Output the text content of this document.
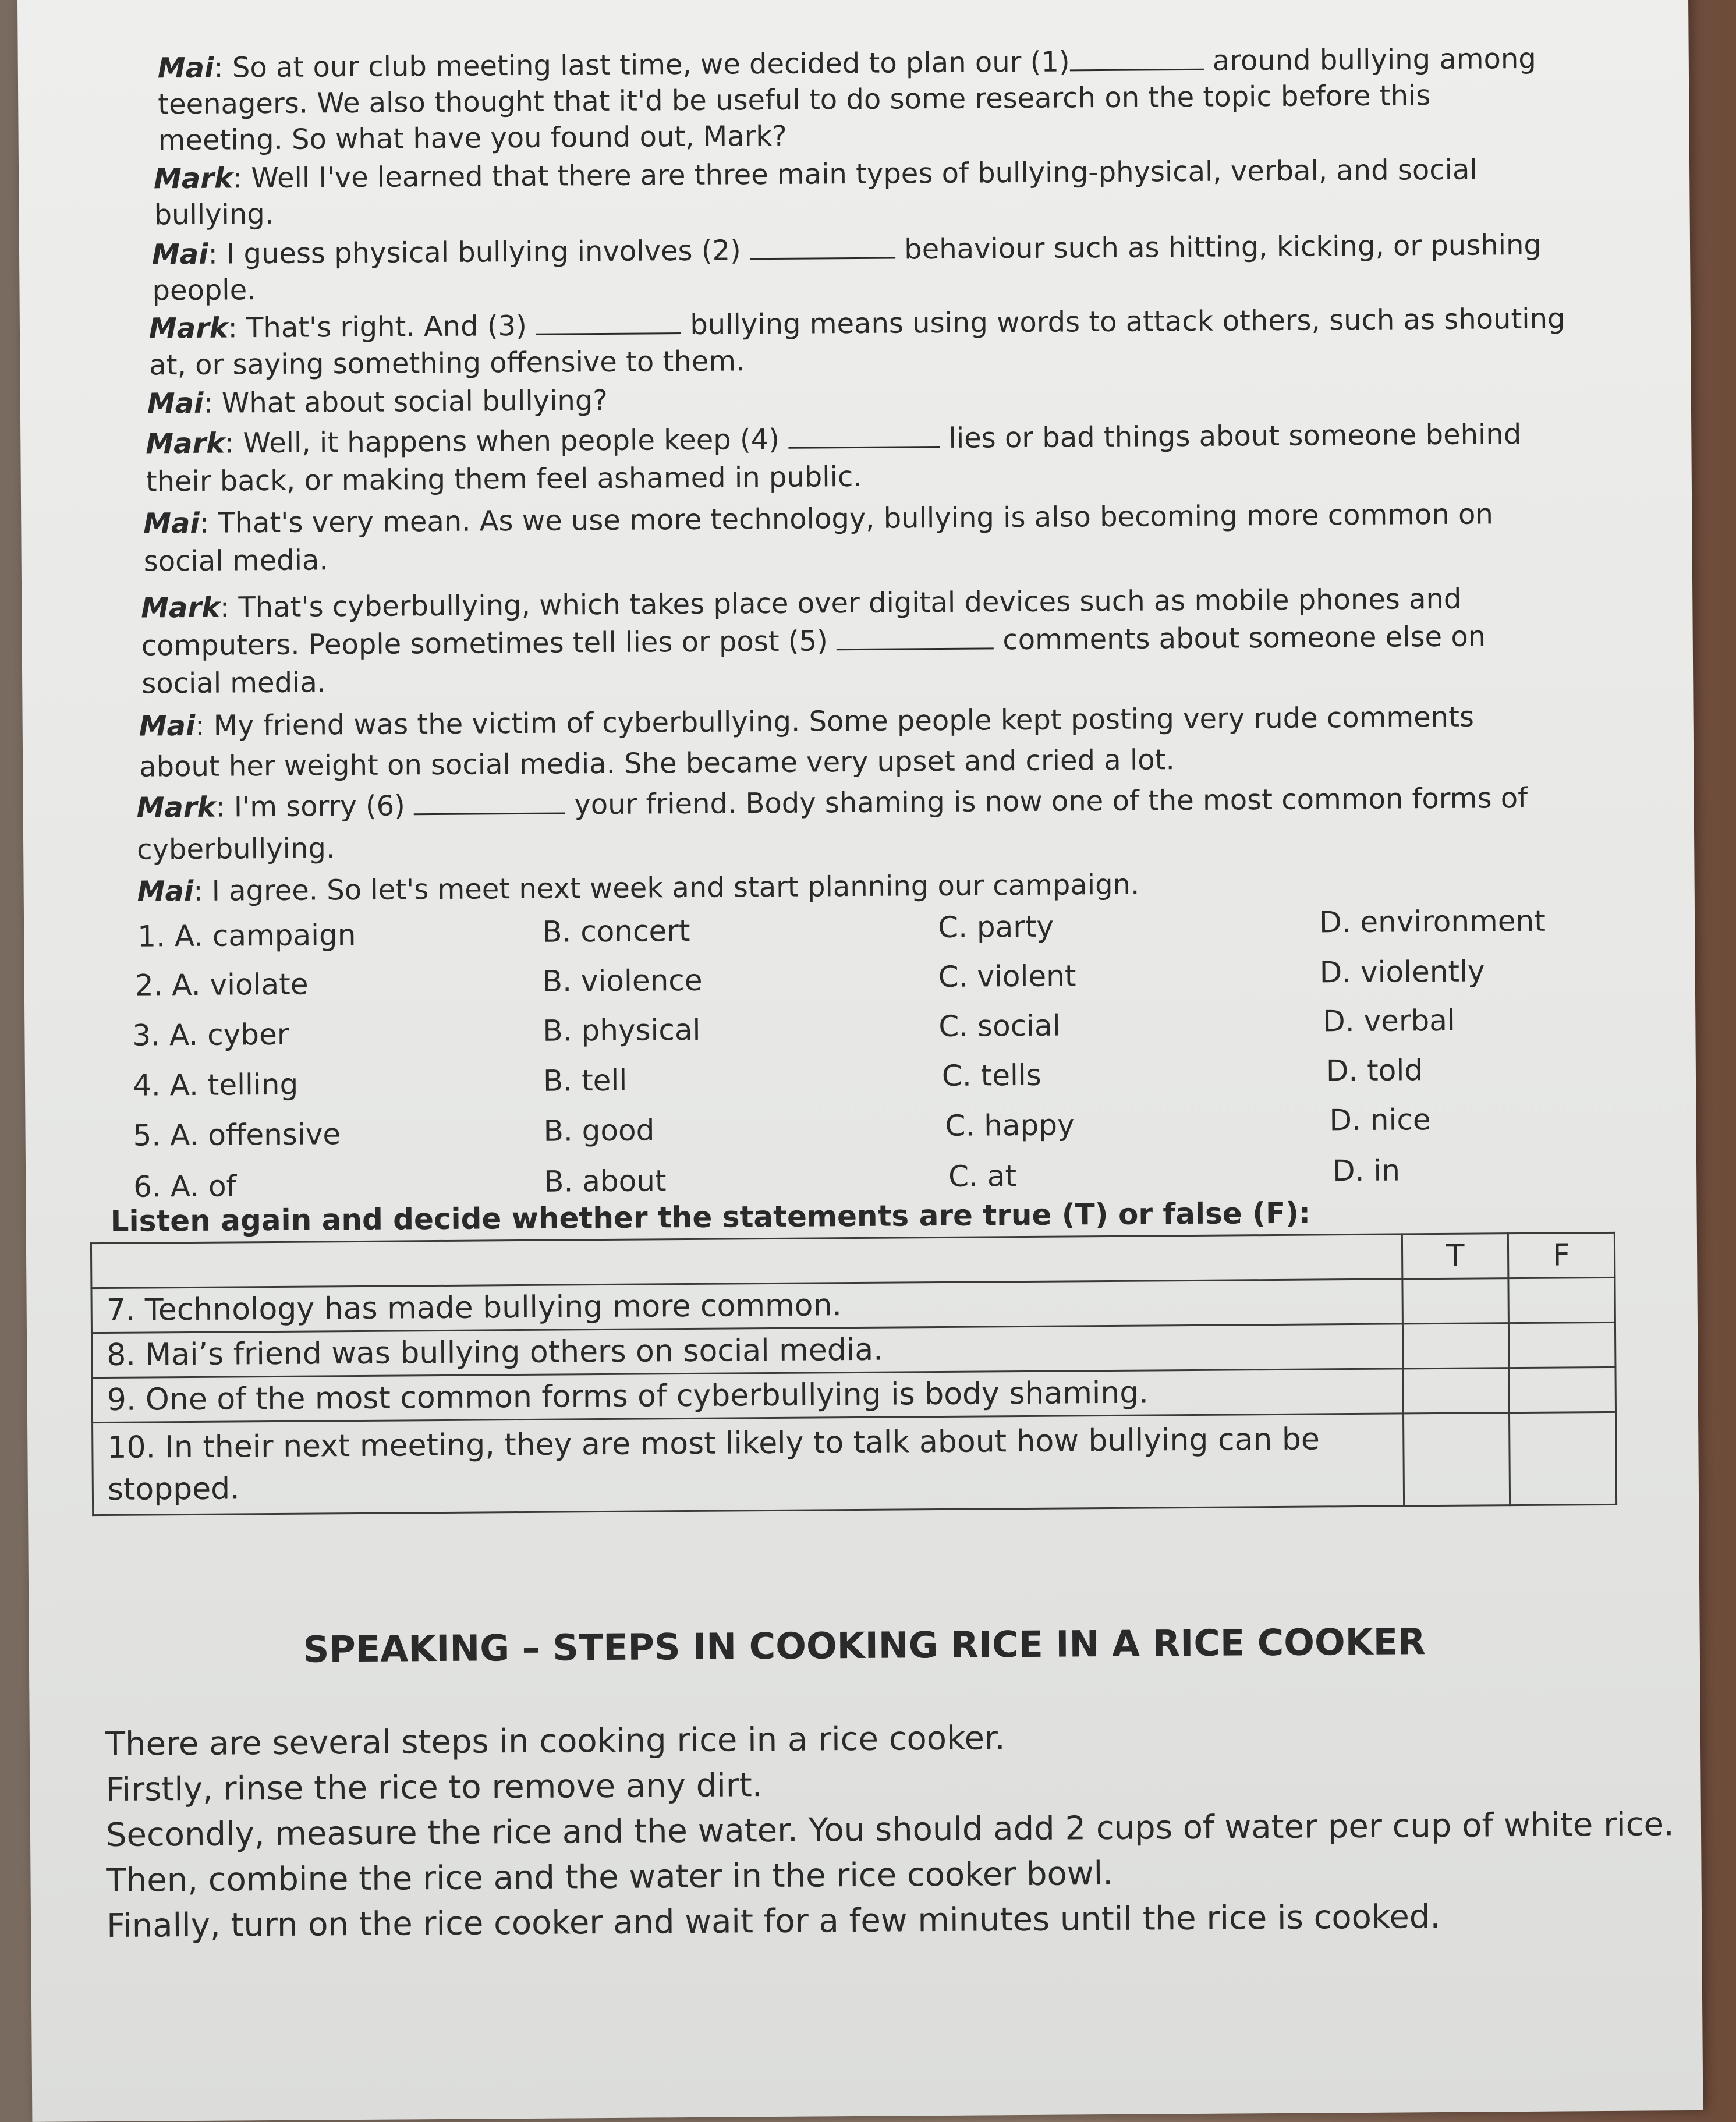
Mai: So at our club meeting last time, we decided to plan our (1)	around bullying among
teenagers. We also thought that it'd be useful to do some research on the topic before this
meeting. So what have you found out, Mark?
Mark: Well I've learned that there are three main types of bullying-physical, verbal, and social
bullying.
Mai: I guess physical bullying involves (2)	behaviour such as hitting, kicking, or pushing
people.
Mark: That's right. And (3)	bullying means using words to attack others, such as shouting
at, or saying something offensive to them.
Mai: What about social bullying?
Mark: Well, it happens when people keep (4)	lies or bad things about someone behind
their back, or making them feel ashamed in public.
Mai: That's very mean. As we use more technology, bullying is also becoming more common on
social media.
Mark: That's cyberbullying, which takes place over digital devices such as mobile phones and
computers. People sometimes tell lies or post (5)	comments about someone else on
social media.
Mai: My friend was the victim of cyberbullying. Some people kept posting very rude comments
about her weight on social media. She became very upset and cried a lot.
Mark: I'm sorry (6)	your friend. Body shaming is now one of the most common forms of
cyberbullying.
Mai: I agree. So let's meet next week and start planning our campaign.
1. A. campaign	B. concert	C. party	D. environment
2. A. violate	B. violence	C. violent	D. violently
3. A. cyber	B. physical	C. social	D. verbal
4. A. telling	B. tell	C. tells	D. told
5. A. offensive	B. good	C. happy	D. nice
6. A. of	B. about	C. at	D. in
Listen again and decide whether the statements are true (T) or false (F):
	T	F
7. Technology has made bullying more common.		
8. Mai’s friend was bullying others on social media.		
9. One of the most common forms of cyberbullying is body shaming.		
10. In their next meeting, they are most likely to talk about how bullying can be stopped.		
SPEAKING – STEPS IN COOKING RICE IN A RICE COOKER
There are several steps in cooking rice in a rice cooker.
Firstly, rinse the rice to remove any dirt.
Secondly, measure the rice and the water. You should add 2 cups of water per cup of white rice.
Then, combine the rice and the water in the rice cooker bowl.
Finally, turn on the rice cooker and wait for a few minutes until the rice is cooked.
